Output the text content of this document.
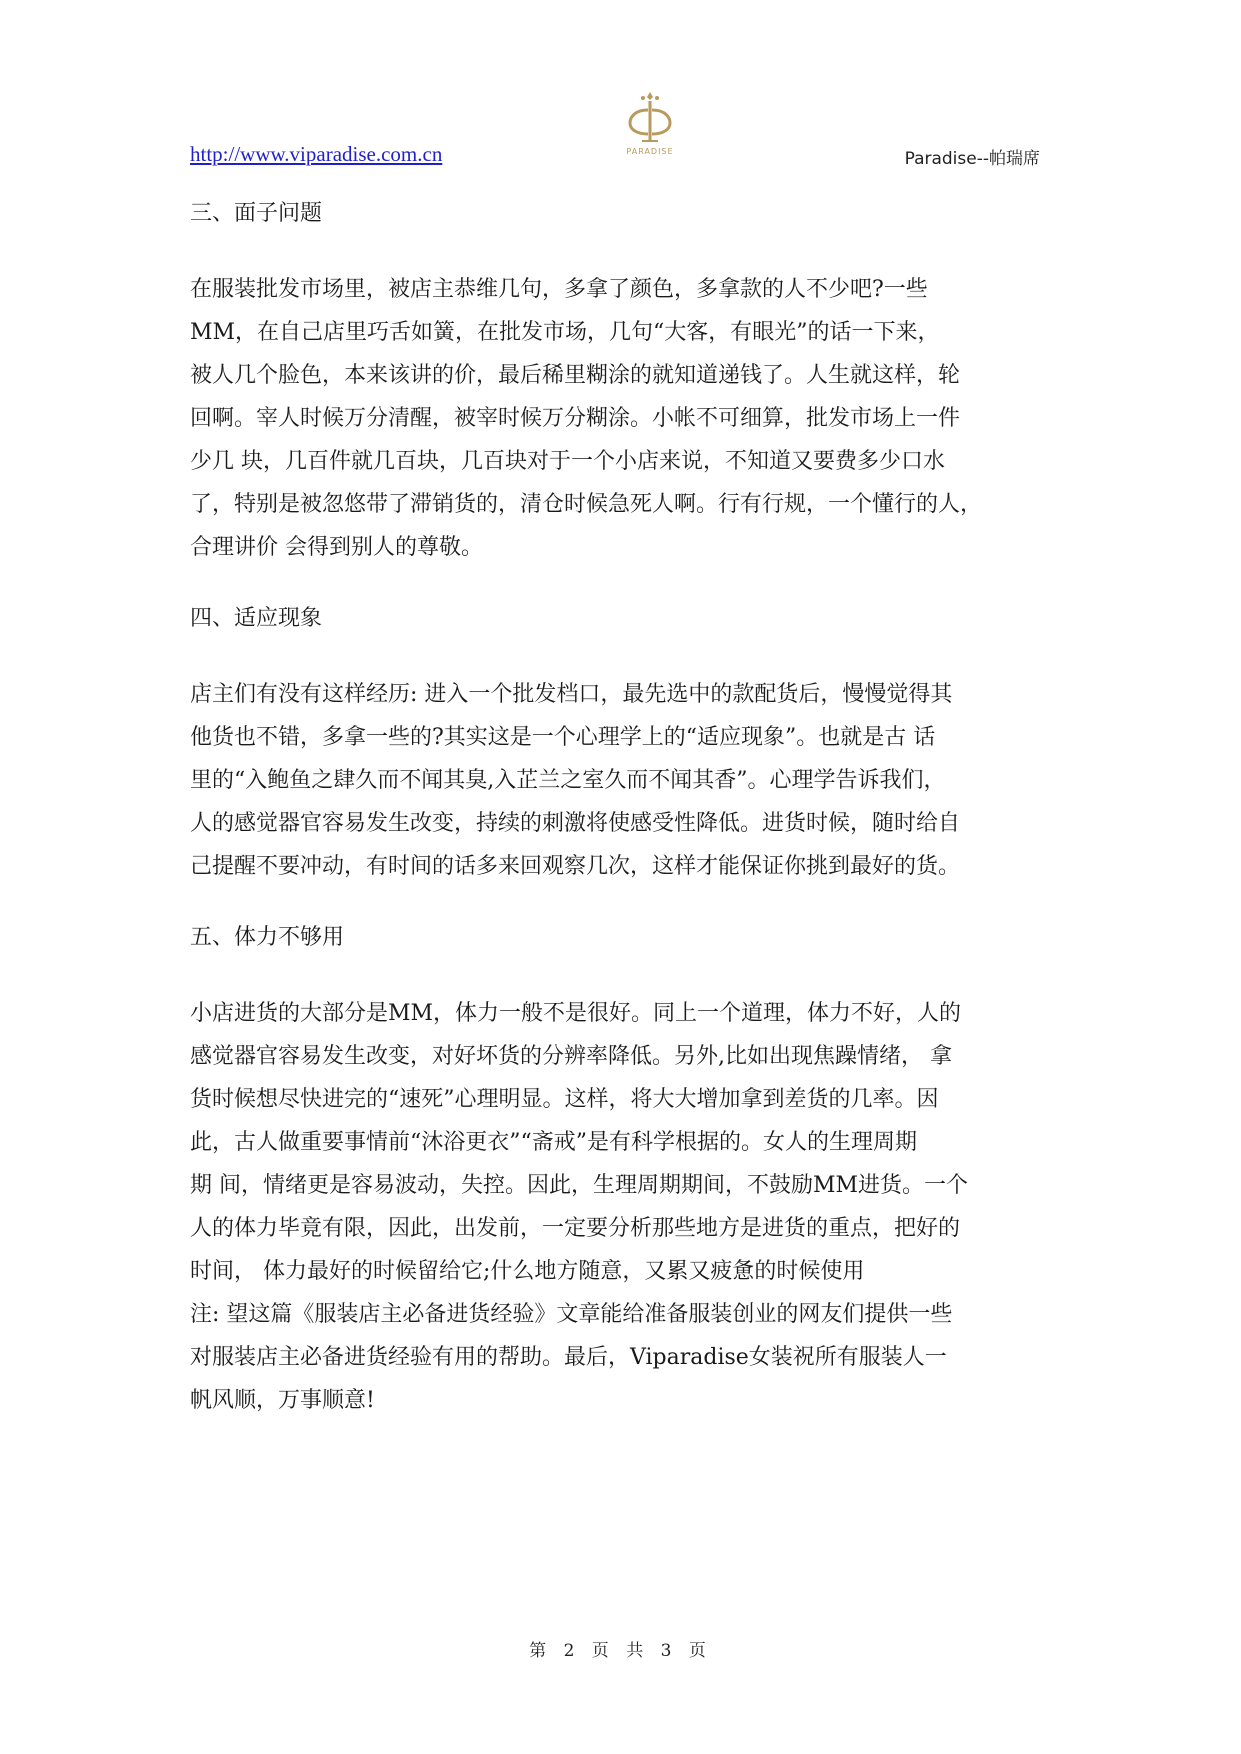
http://www.viparadise.com.cn	PARADISE	Paradise--帕瑞席
三、面子问题
在服装批发市场里，被店主恭维几句，多拿了颜色，多拿款的人不少吧?一些
MM，在自己店里巧舌如簧，在批发市场，几句“大客，有眼光”的话一下来，
被人几个脸色，本来该讲的价，最后稀里糊涂的就知道递钱了。人生就这样，轮
回啊。宰人时候万分清醒，被宰时候万分糊涂。小帐不可细算，批发市场上一件
少几 块，几百件就几百块，几百块对于一个小店来说，不知道又要费多少口水
了，特别是被忽悠带了滞销货的，清仓时候急死人啊。行有行规，一个懂行的人，
合理讲价 会得到别人的尊敬。
四、适应现象
店主们有没有这样经历: 进入一个批发档口，最先选中的款配货后，慢慢觉得其
他货也不错，多拿一些的?其实这是一个心理学上的“适应现象”。也就是古 话
里的“入鲍鱼之肆久而不闻其臭,入芷兰之室久而不闻其香”。心理学告诉我们，
人的感觉器官容易发生改变，持续的刺激将使感受性降低。进货时候，随时给自
己提醒不要冲动，有时间的话多来回观察几次，这样才能保证你挑到最好的货。
五、体力不够用
小店进货的大部分是MM，体力一般不是很好。同上一个道理，体力不好，人的
感觉器官容易发生改变，对好坏货的分辨率降低。另外,比如出现焦躁情绪， 拿
货时候想尽快进完的“速死”心理明显。这样，将大大增加拿到差货的几率。因
此，古人做重要事情前“沐浴更衣”“斋戒”是有科学根据的。女人的生理周期
期 间，情绪更是容易波动，失控。因此，生理周期期间，不鼓励MM进货。一个
人的体力毕竟有限，因此，出发前，一定要分析那些地方是进货的重点，把好的
时间， 体力最好的时候留给它;什么地方随意，又累又疲惫的时候使用
注: 望这篇《服装店主必备进货经验》文章能给准备服装创业的网友们提供一些
对服装店主必备进货经验有用的帮助。最后，Viparadise女装祝所有服装人一
帆风顺，万事顺意!
第 2 页 共 3 页
